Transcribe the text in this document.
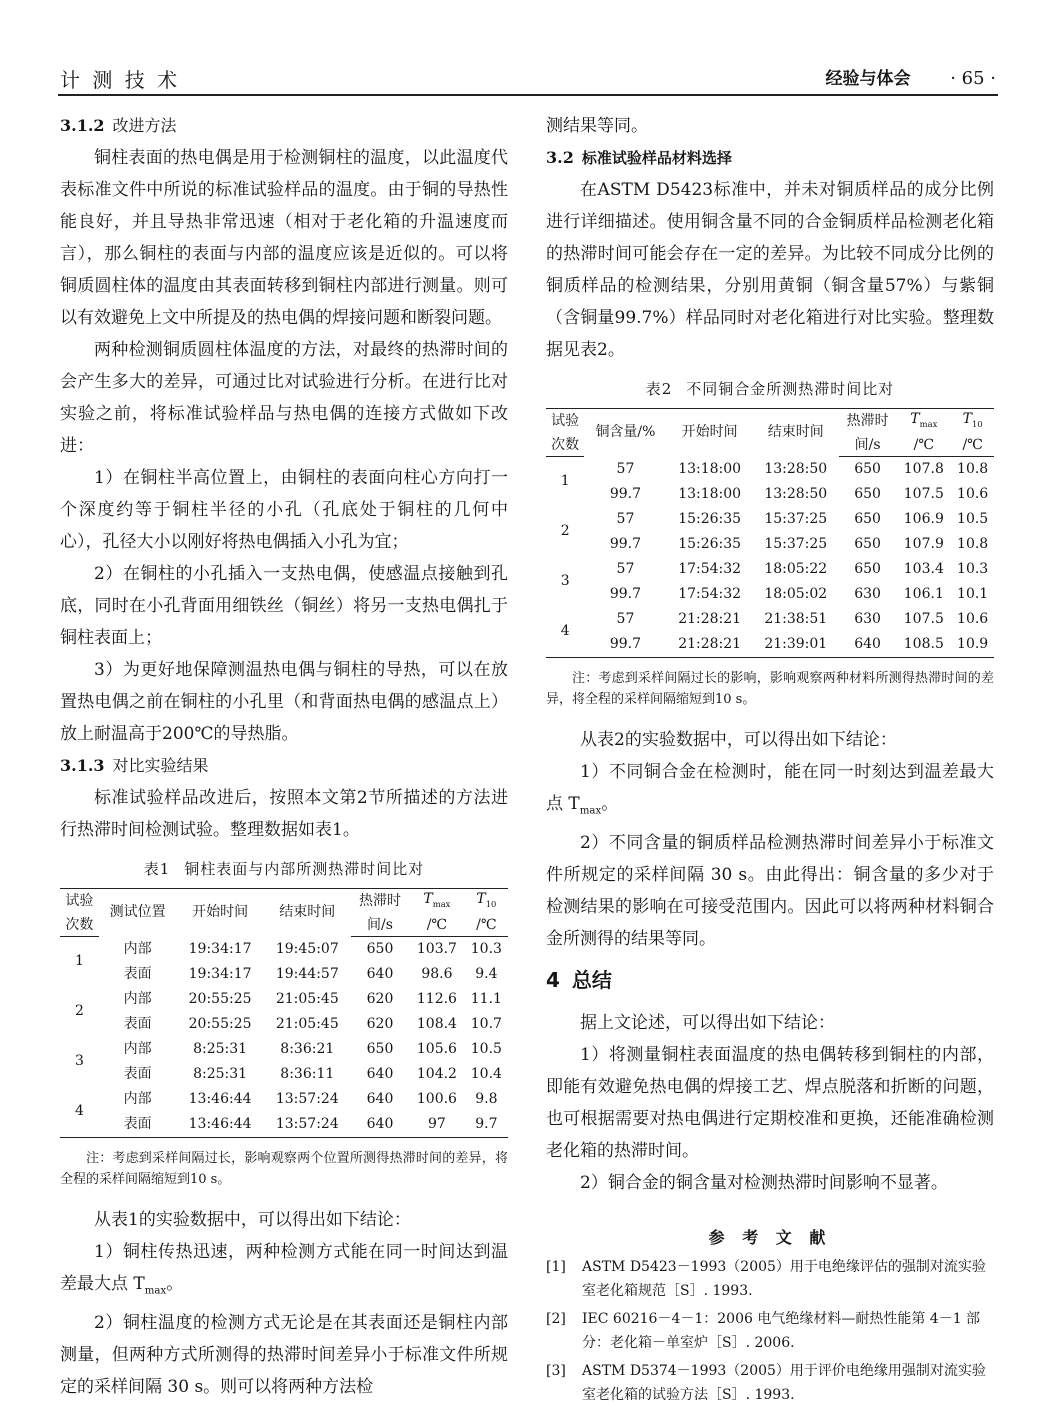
计 测 技 术	经验与体会 · 65 ·
3.1.2 改进方法

铜柱表面的热电偶是用于检测铜柱的温度，以此温度代表标准文件中所说的标准试验样品的温度。由于铜的导热性能良好，并且导热非常迅速（相对于老化箱的升温速度而言），那么铜柱的表面与内部的温度应该是近似的。可以将铜质圆柱体的温度由其表面转移到铜柱内部进行测量。则可以有效避免上文中所提及的热电偶的焊接问题和断裂问题。

两种检测铜质圆柱体温度的方法，对最终的热滞时间的会产生多大的差异，可通过比对试验进行分析。在进行比对实验之前，将标准试验样品与热电偶的连接方式做如下改进：

1）在铜柱半高位置上，由铜柱的表面向柱心方向打一个深度约等于铜柱半径的小孔（孔底处于铜柱的几何中心），孔径大小以刚好将热电偶插入小孔为宜；

2）在铜柱的小孔插入一支热电偶，使感温点接触到孔底，同时在小孔背面用细铁丝（铜丝）将另一支热电偶扎于铜柱表面上；

3）为更好地保障测温热电偶与铜柱的导热，可以在放置热电偶之前在铜柱的小孔里（和背面热电偶的感温点上）放上耐温高于200℃的导热脂。

3.1.3 对比实验结果

标准试验样品改进后，按照本文第2节所描述的方法进行热滞时间检测试验。整理数据如表1。

表1 铜柱表面与内部所测热滞时间比对
试验	测试位置	开始时间	结束时间	热滞时	$T_{max}$	$T_{10}$
次数				间/s	/℃	/℃
1	内部	19:34:17	19:45:07	650	103.7	10.3
	表面	19:34:17	19:44:57	640	98.6	9.4
2	内部	20:55:25	21:05:45	620	112.6	11.1
	表面	20:55:25	21:05:45	620	108.4	10.7
3	内部	8:25:31	8:36:21	650	105.6	10.5
	表面	8:25:31	8:36:11	640	104.2	10.4
4	内部	13:46:44	13:57:24	640	100.6	9.8
	表面	13:46:44	13:57:24	640	97	9.7
注：考虑到采样间隔过长，影响观察两个位置所测得热滞时间的差异，将全程的采样间隔缩短到10 s。

从表1的实验数据中，可以得出如下结论：

1）铜柱传热迅速，两种检测方式能在同一时间达到温差最大点 $T_{max}$。

2）铜柱温度的检测方式无论是在其表面还是铜柱内部测量，但两种方式所测得的热滞时间差异小于标准文件所规定的采样间隔 30 s。则可以将两种方法检

测结果等同。

3.2 标准试验样品材料选择

在ASTM D5423标准中，并未对铜质样品的成分比例进行详细描述。使用铜含量不同的合金铜质样品检测老化箱的热滞时间可能会存在一定的差异。为比较不同成分比例的铜质样品的检测结果，分别用黄铜（铜含量57%）与紫铜（含铜量99.7%）样品同时对老化箱进行对比实验。整理数据见表2。

表2 不同铜合金所测热滞时间比对
试验	铜含量/%	开始时间	结束时间	热滞时	$T_{max}$	$T_{10}$
次数				间/s	/℃	/℃
1	57	13:18:00	13:28:50	650	107.8	10.8
	99.7	13:18:00	13:28:50	650	107.5	10.6
2	57	15:26:35	15:37:25	650	106.9	10.5
	99.7	15:26:35	15:37:25	650	107.9	10.8
3	57	17:54:32	18:05:22	650	103.4	10.3
	99.7	17:54:32	18:05:02	630	106.1	10.1
4	57	21:28:21	21:38:51	630	107.5	10.6
	99.7	21:28:21	21:39:01	640	108.5	10.9
注：考虑到采样间隔过长的影响，影响观察两种材料所测得热滞时间的差异，将全程的采样间隔缩短到10 s。

从表2的实验数据中，可以得出如下结论：

1）不同铜合金在检测时，能在同一时刻达到温差最大点 $T_{max}$。

2）不同含量的铜质样品检测热滞时间差异小于标准文件所规定的采样间隔 30 s。由此得出：铜含量的多少对于检测结果的影响在可接受范围内。因此可以将两种材料铜合金所测得的结果等同。

4 总结

据上文论述，可以得出如下结论：

1）将测量铜柱表面温度的热电偶转移到铜柱的内部，即能有效避免热电偶的焊接工艺、焊点脱落和折断的问题，也可根据需要对热电偶进行定期校准和更换，还能准确检测老化箱的热滞时间。

2）铜合金的铜含量对检测热滞时间影响不显著。

参 考 文 献
[1] ASTM D5423－1993（2005）用于电绝缘评估的强制对流实验室老化箱规范［S］. 1993.
[2] IEC 60216－4－1：2006 电气绝缘材料—耐热性能第 4－1 部分：老化箱－单室炉［S］. 2006.
[3] ASTM D5374－1993（2005）用于评价电绝缘用强制对流实验室老化箱的试验方法［S］. 1993.
